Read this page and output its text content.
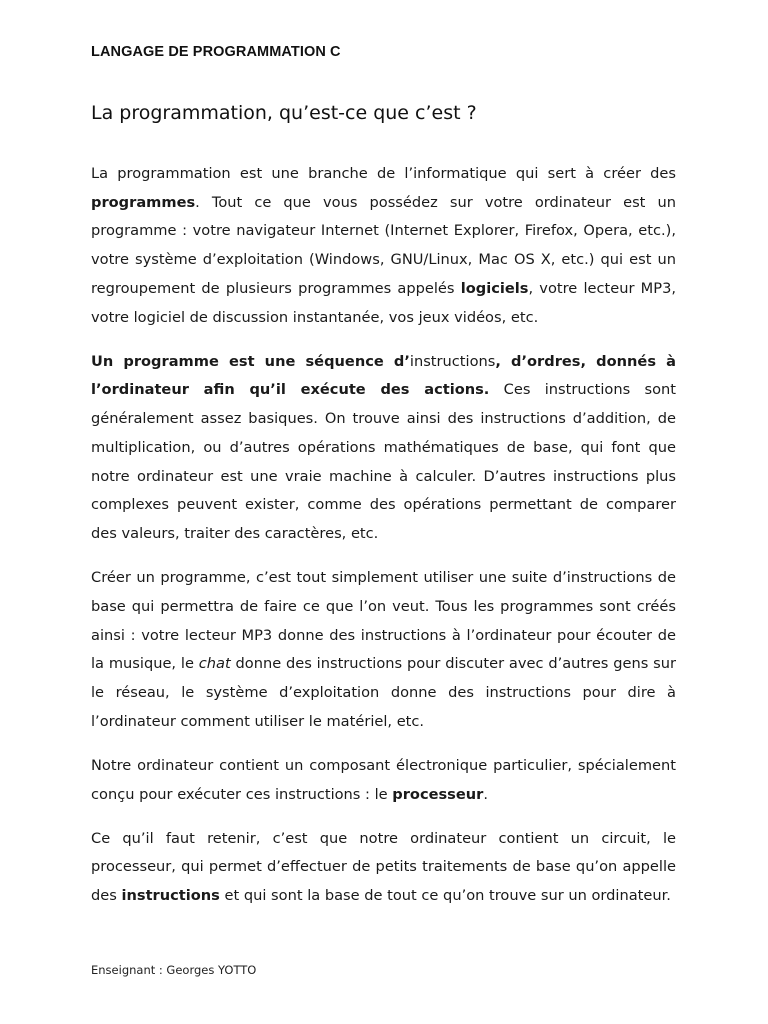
LANGAGE DE PROGRAMMATION C
La programmation, qu’est-ce que c’est ?

La programmation est une branche de l’informatique qui sert à créer des programmes. Tout ce que vous possédez sur votre ordinateur est un programme : votre navigateur Internet (Internet Explorer, Firefox, Opera, etc.), votre système d’exploitation (Windows, GNU/Linux, Mac OS X, etc.) qui est un regroupement de plusieurs programmes appelés logiciels, votre lecteur MP3, votre logiciel de discussion instantanée, vos jeux vidéos, etc.

Un programme est une séquence d’instructions, d’ordres, donnés à l’ordinateur afin qu’il exécute des actions. Ces instructions sont généralement assez basiques. On trouve ainsi des instructions d’addition, de multiplication, ou d’autres opérations mathématiques de base, qui font que notre ordinateur est une vraie machine à calculer. D’autres instructions plus complexes peuvent exister, comme des opérations permettant de comparer des valeurs, traiter des caractères, etc.

Créer un programme, c’est tout simplement utiliser une suite d’instructions de base qui permettra de faire ce que l’on veut. Tous les programmes sont créés ainsi : votre lecteur MP3 donne des instructions à l’ordinateur pour écouter de la musique, le chat donne des instructions pour discuter avec d’autres gens sur le réseau, le système d’exploitation donne des instructions pour dire à l’ordinateur comment utiliser le matériel, etc.

Notre ordinateur contient un composant électronique particulier, spécialement conçu pour exécuter ces instructions : le processeur.

Ce qu’il faut retenir, c’est que notre ordinateur contient un circuit, le processeur, qui permet d’effectuer de petits traitements de base qu’on appelle des instructions et qui sont la base de tout ce qu’on trouve sur un ordinateur.

Enseignant : Georges YOTTO
